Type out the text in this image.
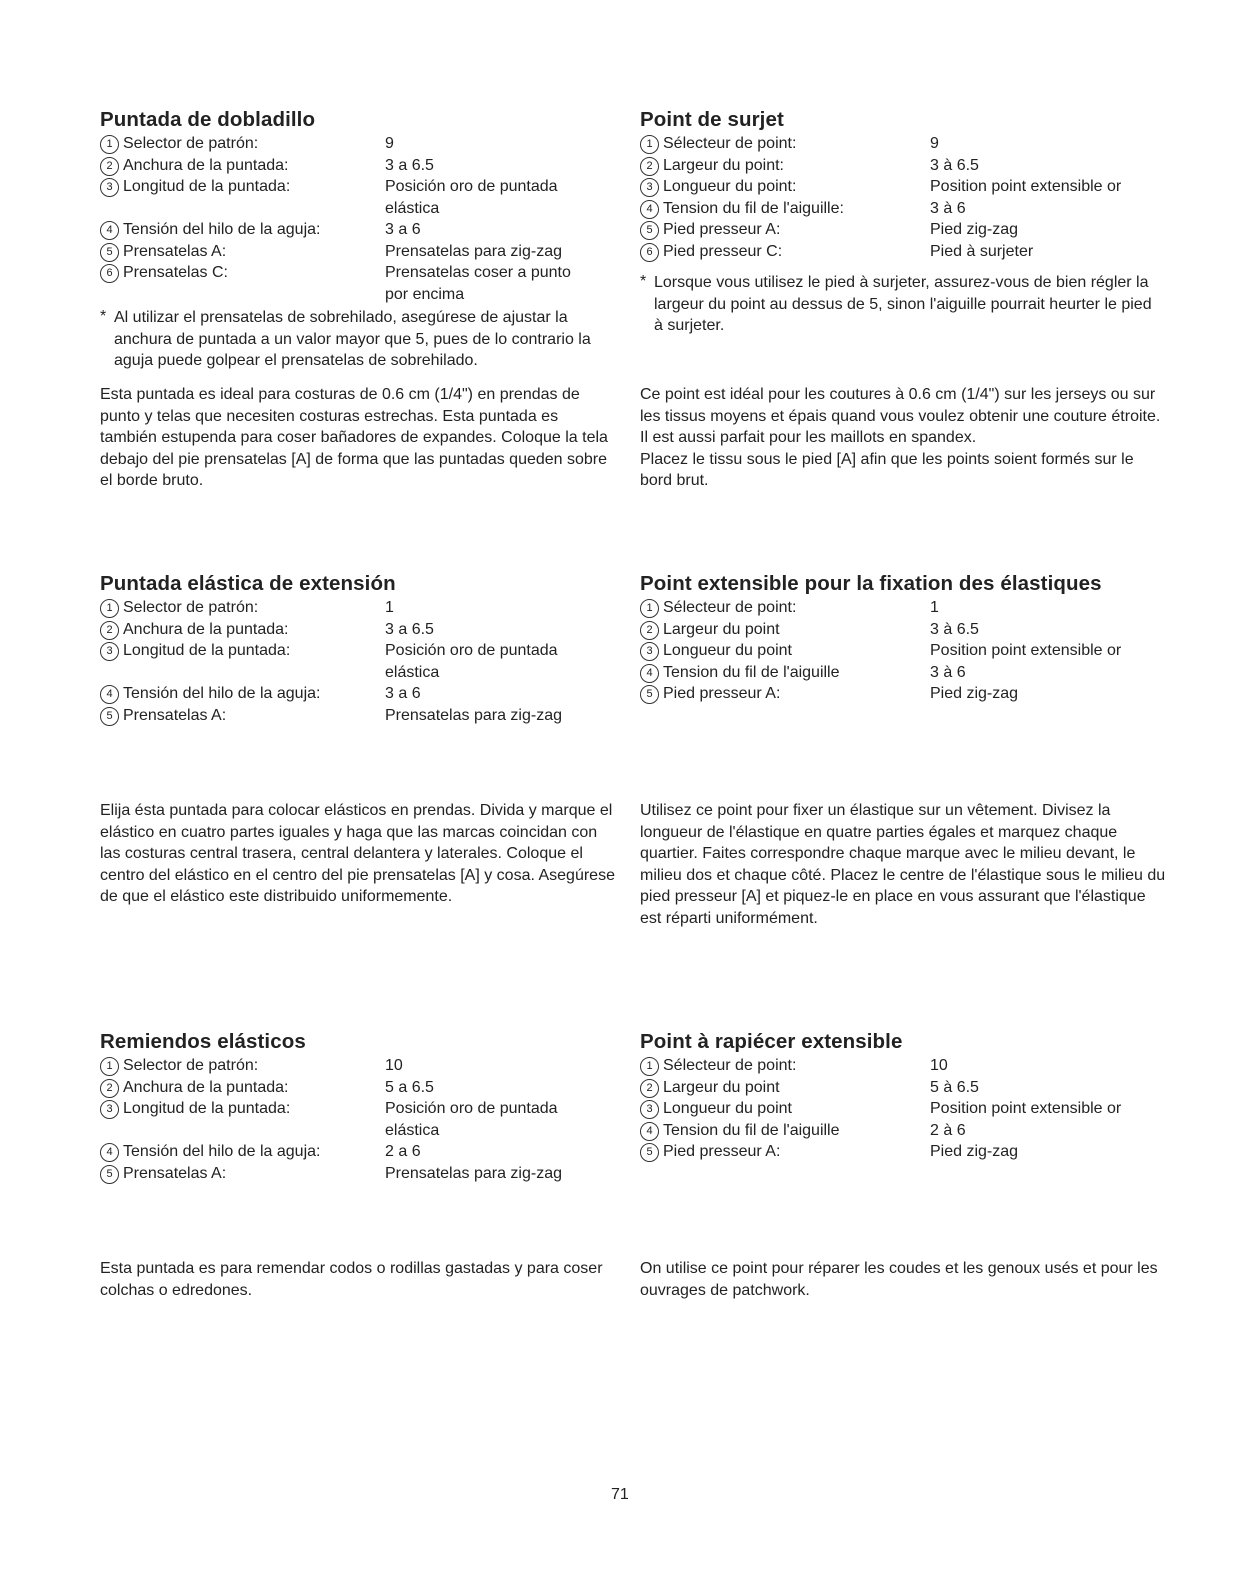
Puntada de dobladillo
1 Selector de patrón:	9
2 Anchura de la puntada:	3 a 6.5
3 Longitud de la puntada:	Posición oro de puntada elástica
4 Tensión del hilo de la aguja:	3 a 6
5 Prensatelas A:	Prensatelas para zig-zag
6 Prensatelas C:	Prensatelas coser a punto por encima
* Al utilizar el prensatelas de sobrehilado, asegúrese de ajustar la anchura de puntada a un valor mayor que 5, pues de lo contrario la aguja puede golpear el prensatelas de sobrehilado.
Esta puntada es ideal para costuras de 0.6 cm (1/4") en prendas de punto y telas que necesiten costuras estrechas. Esta puntada es también estupenda para coser bañadores de expandes. Coloque la tela debajo del pie prensatelas [A] de forma que las puntadas queden sobre el borde bruto.
Point de surjet
1 Sélecteur de point:	9
2 Largeur du point:	3 à 6.5
3 Longueur du point:	Position point extensible or
4 Tension du fil de l'aiguille:	3 à 6
5 Pied presseur A:	Pied zig-zag
6 Pied presseur C:	Pied à surjeter
* Lorsque vous utilisez le pied à surjeter, assurez-vous de bien régler la largeur du point au dessus de 5, sinon l'aiguille pourrait heurter le pied à surjeter.
Ce point est idéal pour les coutures à 0.6 cm (1/4") sur les jerseys ou sur les tissus moyens et épais quand vous voulez obtenir une couture étroite.
Il est aussi parfait pour les maillots en spandex.
Placez le tissu sous le pied [A] afin que les points soient formés sur le bord brut.
Puntada elástica de extensión
1 Selector de patrón:	1
2 Anchura de la puntada:	3 a 6.5
3 Longitud de la puntada:	Posición oro de puntada elástica
4 Tensión del hilo de la aguja:	3 a 6
5 Prensatelas A:	Prensatelas para zig-zag
Elija ésta puntada para colocar elásticos en prendas. Divida y marque el elástico en cuatro partes iguales y haga que las marcas coincidan con las costuras central trasera, central delantera y laterales. Coloque el centro del elástico en el centro del pie prensatelas [A] y cosa. Asegúrese de que el elástico este distribuido uniformemente.
Point extensible pour la fixation des élastiques
1 Sélecteur de point:	1
2 Largeur du point	3 à 6.5
3 Longueur du point	Position point extensible or
4 Tension du fil de l'aiguille	3 à 6
5 Pied presseur A:	Pied zig-zag
Utilisez ce point pour fixer un élastique sur un vêtement. Divisez la longueur de l'élastique en quatre parties égales et marquez chaque quartier. Faites correspondre chaque marque avec le milieu devant, le milieu dos et chaque côté. Placez le centre de l'élastique sous le milieu du pied presseur [A] et piquez-le en place en vous assurant que l'élastique est réparti uniformément.
Remiendos elásticos
1 Selector de patrón:	10
2 Anchura de la puntada:	5 a 6.5
3 Longitud de la puntada:	Posición oro de puntada elástica
4 Tensión del hilo de la aguja:	2 a 6
5 Prensatelas A:	Prensatelas para zig-zag
Esta puntada es para remendar codos o rodillas gastadas y para coser colchas o edredones.
Point à rapiécer extensible
1 Sélecteur de point:	10
2 Largeur du point	5 à 6.5
3 Longueur du point	Position point extensible or
4 Tension du fil de l'aiguille	2 à 6
5 Pied presseur A:	Pied zig-zag
On utilise ce point pour réparer les coudes et les genoux usés et pour les ouvrages de patchwork.
71
